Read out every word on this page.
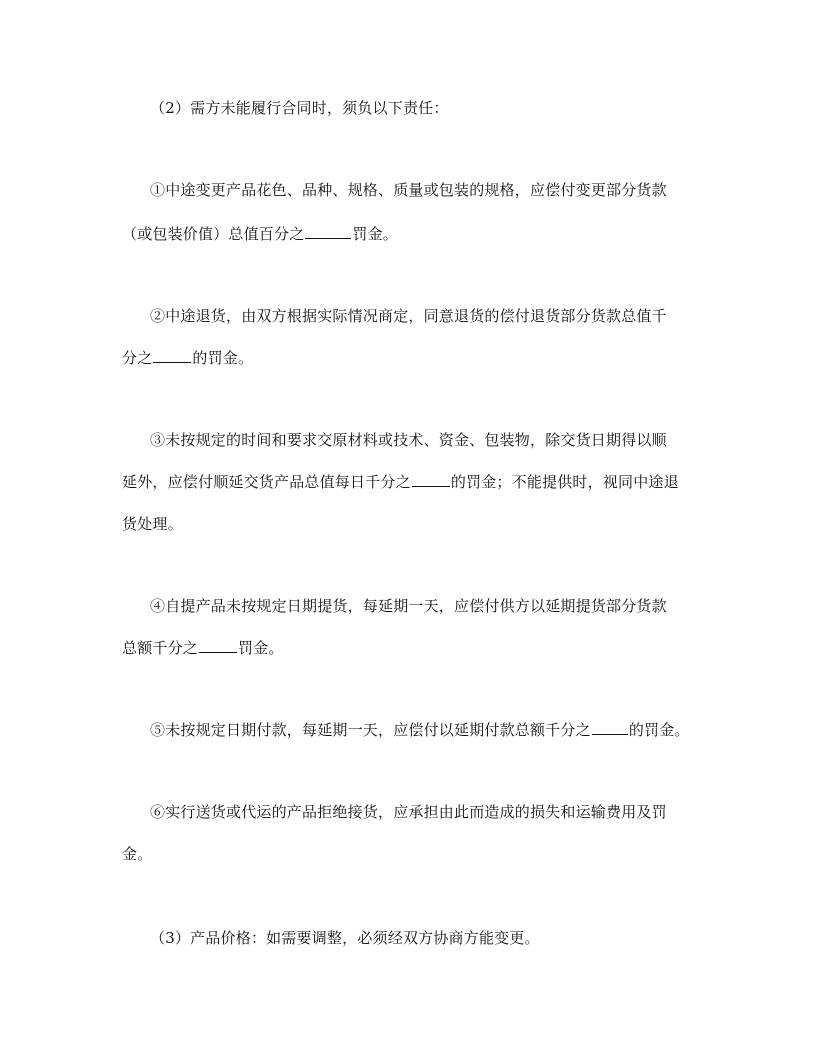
（2）需方未能履行合同时，须负以下责任：
①中途变更产品花色、品种、规格、质量或包装的规格，应偿付变更部分货款
（或包装价值）总值百分之	罚金。
②中途退货，由双方根据实际情况商定，同意退货的偿付退货部分货款总值千
分之	的罚金。
③未按规定的时间和要求交原材料或技术、资金、包装物，除交货日期得以顺
延外，应偿付顺延交货产品总值每日千分之	的罚金；不能提供时，视同中途退
货处理。
④自提产品未按规定日期提货，每延期一天，应偿付供方以延期提货部分货款
总额千分之	罚金。
⑤未按规定日期付款，每延期一天，应偿付以延期付款总额千分之	的罚金。
⑥实行送货或代运的产品拒绝接货，应承担由此而造成的损失和运输费用及罚
金。
（3）产品价格：如需要调整，必须经双方协商方能变更。
